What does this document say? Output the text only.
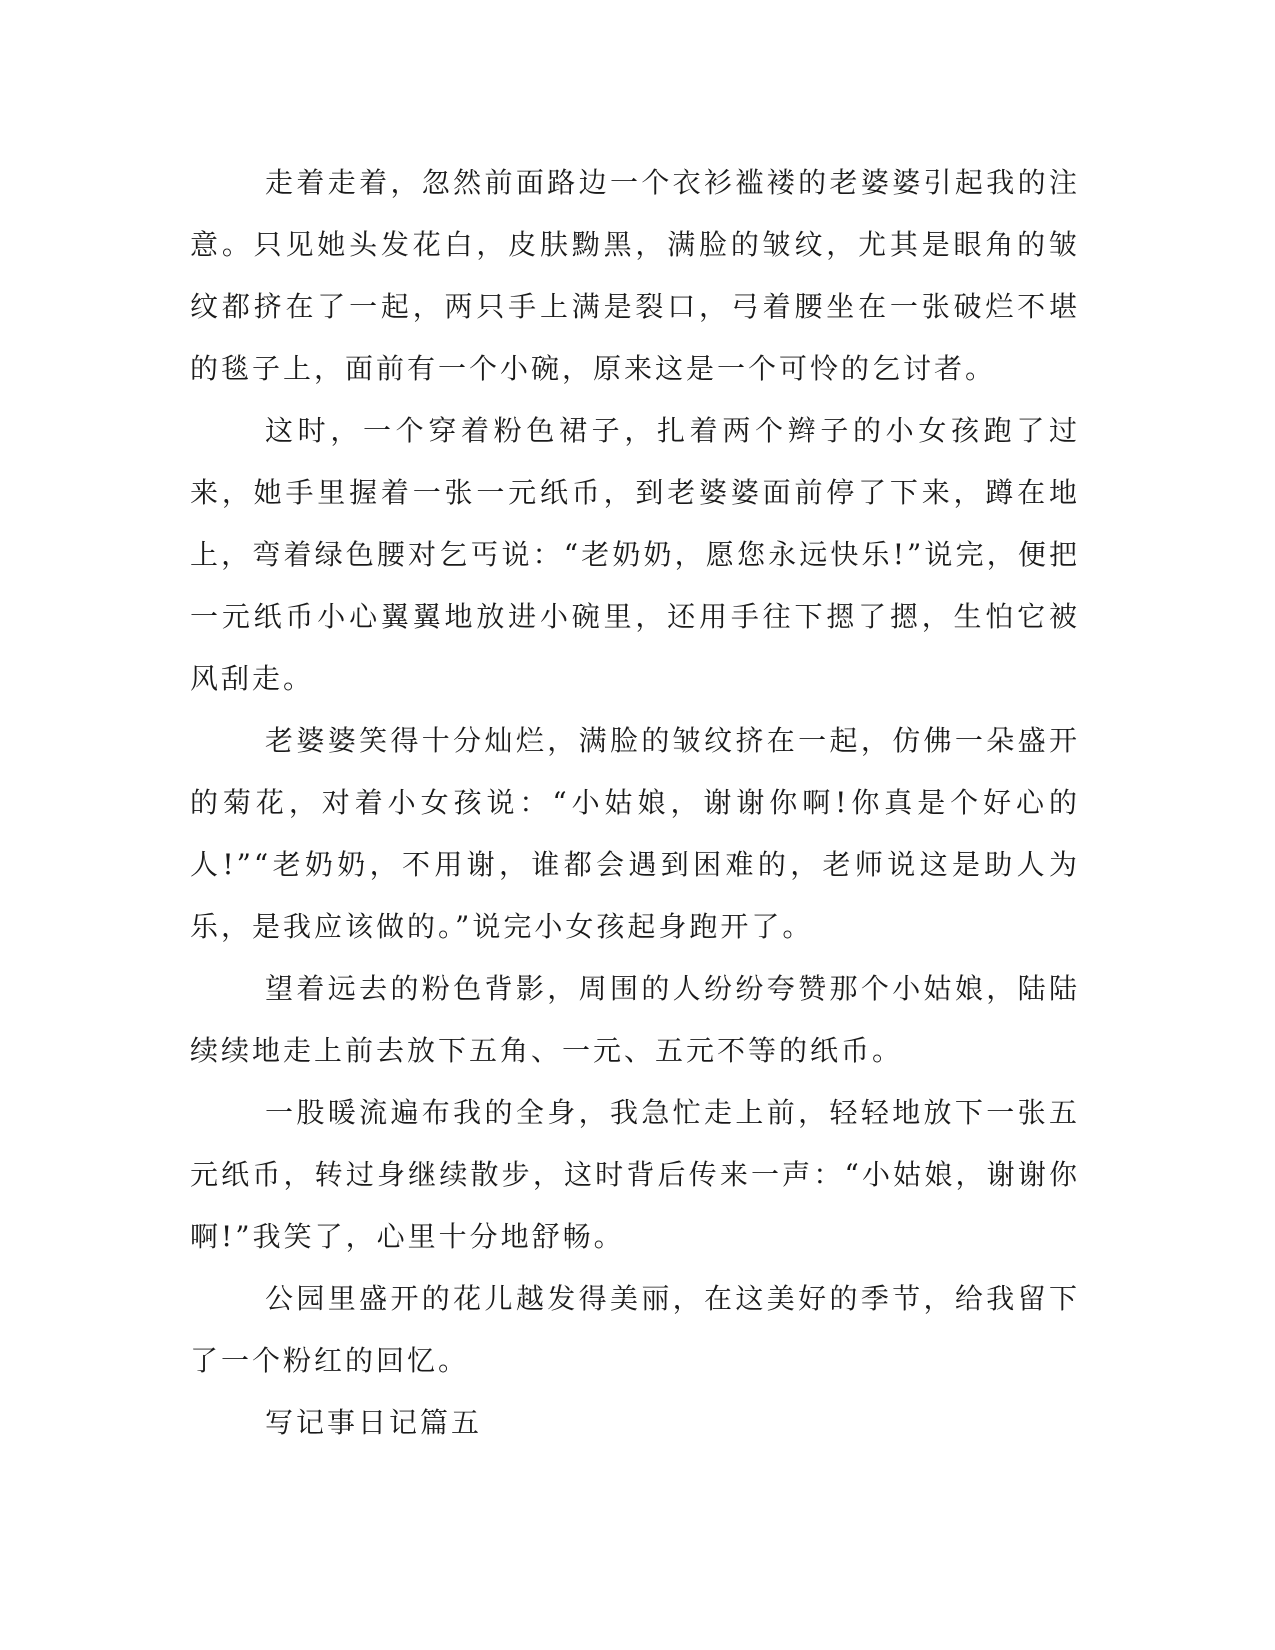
走着走着，忽然前面路边一个衣衫褴褛的老婆婆引起我的注意。只见她头发花白，皮肤黝黑，满脸的皱纹，尤其是眼角的皱纹都挤在了一起，两只手上满是裂口，弓着腰坐在一张破烂不堪的毯子上，面前有一个小碗，原来这是一个可怜的乞讨者。

这时，一个穿着粉色裙子，扎着两个辫子的小女孩跑了过来，她手里握着一张一元纸币，到老婆婆面前停了下来，蹲在地上，弯着绿色腰对乞丐说：“老奶奶，愿您永远快乐!”说完，便把一元纸币小心翼翼地放进小碗里，还用手往下摁了摁，生怕它被风刮走。

老婆婆笑得十分灿烂，满脸的皱纹挤在一起，仿佛一朵盛开的菊花，对着小女孩说：“小姑娘，谢谢你啊!你真是个好心的人!”“老奶奶，不用谢，谁都会遇到困难的，老师说这是助人为乐，是我应该做的。”说完小女孩起身跑开了。

望着远去的粉色背影，周围的人纷纷夸赞那个小姑娘，陆陆续续地走上前去放下五角、一元、五元不等的纸币。

一股暖流遍布我的全身，我急忙走上前，轻轻地放下一张五元纸币，转过身继续散步，这时背后传来一声：“小姑娘，谢谢你啊!”我笑了，心里十分地舒畅。

公园里盛开的花儿越发得美丽，在这美好的季节，给我留下了一个粉红的回忆。

写记事日记篇五
